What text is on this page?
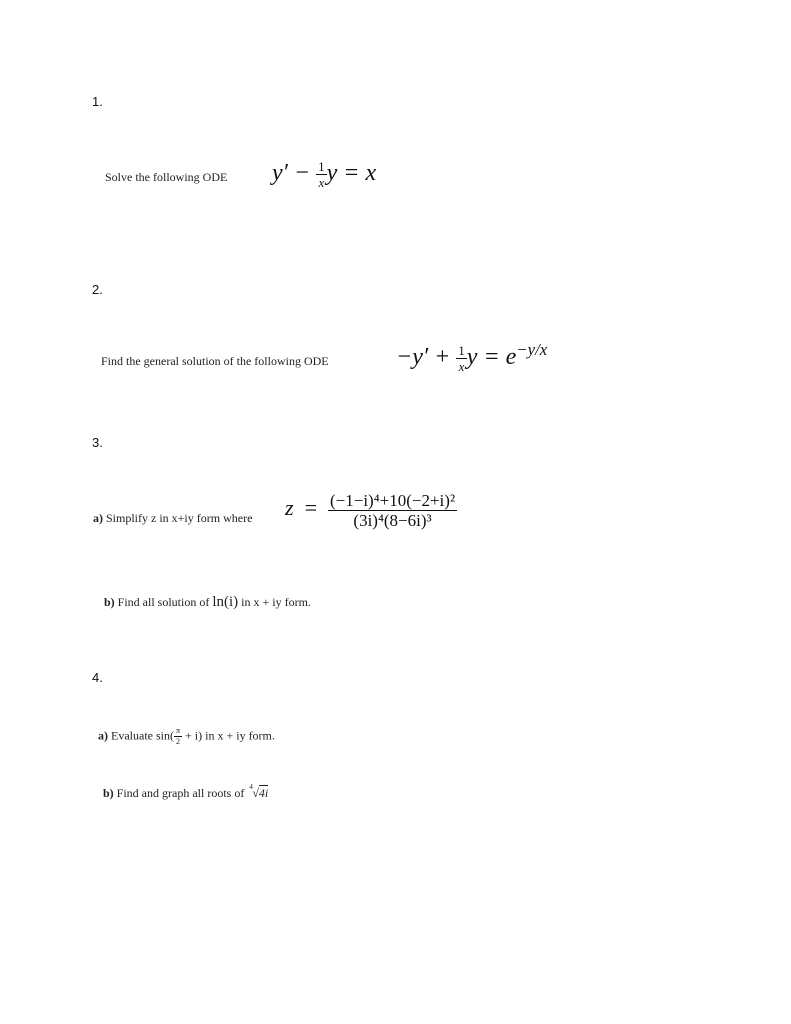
1.
Solve the following ODE $y' - \frac{1}{x}$ y = x
2.
Find the general solution of the following ODE	$-y' + \frac{1}{x}$ $y = e^{-y/x}$
3.
a) Simplify z in x+iy form where $z = \frac{\text{(−1−i)⁴+10(−2+i)²}}{\text{(3i)⁴(8−6i)³}}$
b) Find all solution of ln(i) in x + iy form.
4.
a) Evaluate $\sin( \frac{\pi}{2} + i)$ in x + iy form.
b) Find and graph all roots of 4 √4i
